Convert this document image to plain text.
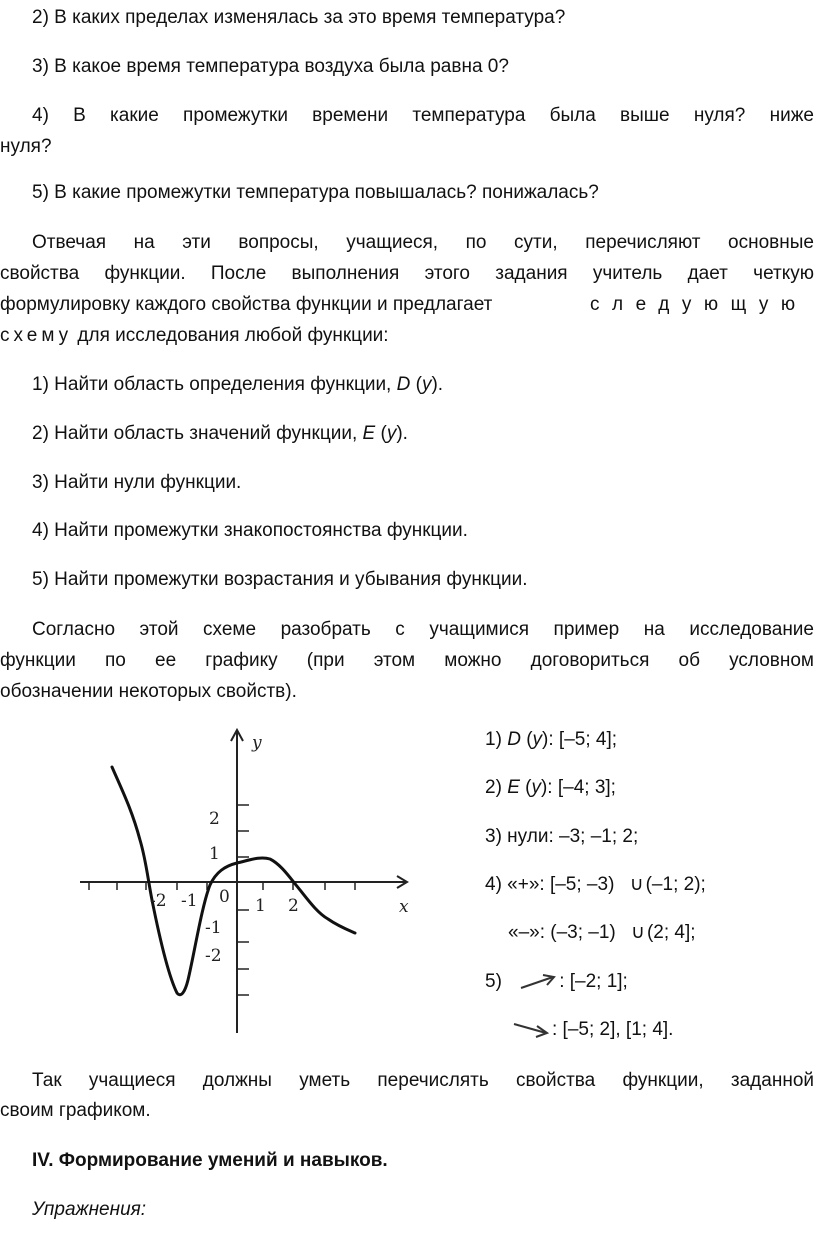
2) В каких пределах изменялась за это время температура?
3) В какое время температура воздуха была равна 0?
4) В какие промежутки времени температура была выше нуля? ниже
нуля?
5) В какие промежутки температура повышалась? понижалась?
Отвечая на эти вопросы, учащиеся, по сути, перечисляют основные
свойства функции. После выполнения этого задания учитель дает четкую
формулировку каждого свойства функции и предлагает	следующую
схему для исследования любой функции:
1) Найти область определения функции, D (y).
2) Найти область значений функции, E (y).
3) Найти нули функции.
4) Найти промежутки знакопостоянства функции.
5) Найти промежутки возрастания и убывания функции.
Согласно этой схеме разобрать с учащимися пример на исследование
функции по ее графику (при этом можно договориться об условном
обозначении некоторых свойств).
y
x
-2 -1 0 1 2
2
1
-1
-2
1) D (y): [–5; 4];
2) E (y): [–4; 3];
3) нули: –3; –1; 2;
4) «+»: [–5; –3) ∪ (–1; 2);
«–»: (–3; –1) ∪ (2; 4];
5)	: [–2; 1];
: [–5; 2], [1; 4].
Так учащиеся должны уметь перечислять свойства функции, заданной
своим графиком.
IV. Формирование умений и навыков.
Упражнения:
